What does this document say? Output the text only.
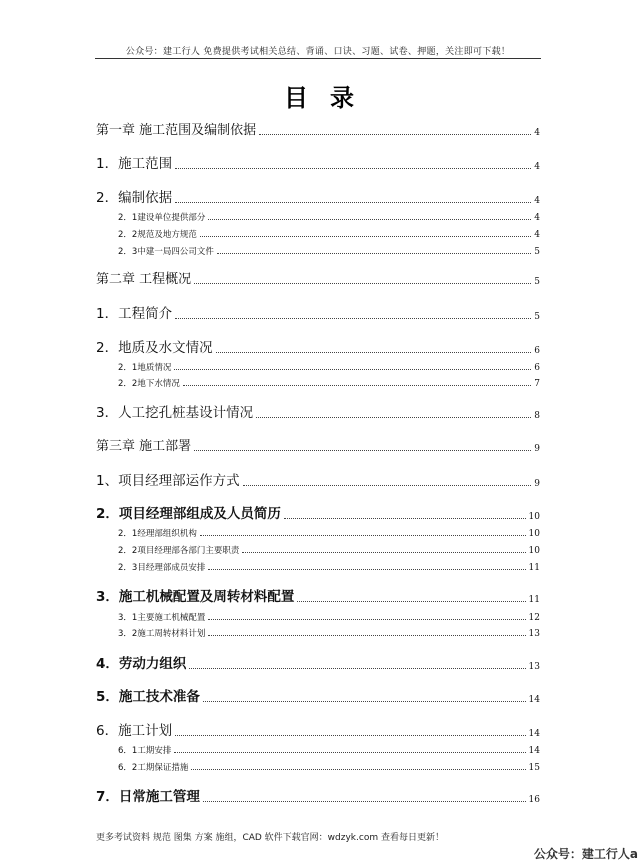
公众号：建工行人 免费提供考试相关总结、背诵、口诀、习题、试卷、押题，关注即可下载！
目录
第一章 施工范围及编制依据	4
1．施工范围	4
2．编制依据	4
2．1建设单位提供部分	4
2．2规范及地方规范	4
2．3中建一局四公司文件	5
第二章 工程概况	5
1．工程简介	5
2．地质及水文情况	6
2．1地质情况	6
2．2地下水情况	7
3．人工挖孔桩基设计情况	8
第三章 施工部署	9
1、项目经理部运作方式	9
2．项目经理部组成及人员简历	10
2．1经理部组织机构	10
2．2项目经理部各部门主要职责	10
2．3目经理部成员安排	11
3．施工机械配置及周转材料配置	11
3．1主要施工机械配置	12
3．2施工周转材料计划	13
4．劳动力组织	13
5．施工技术准备	14
6．施工计划	14
6．1工期安排	14
6．2工期保证措施	15
7．日常施工管理	16
更多考试资料 规范 图集 方案 施组，CAD 软件下载官网：wdzyk.com 查看每日更新！
公众号：建工行人a
